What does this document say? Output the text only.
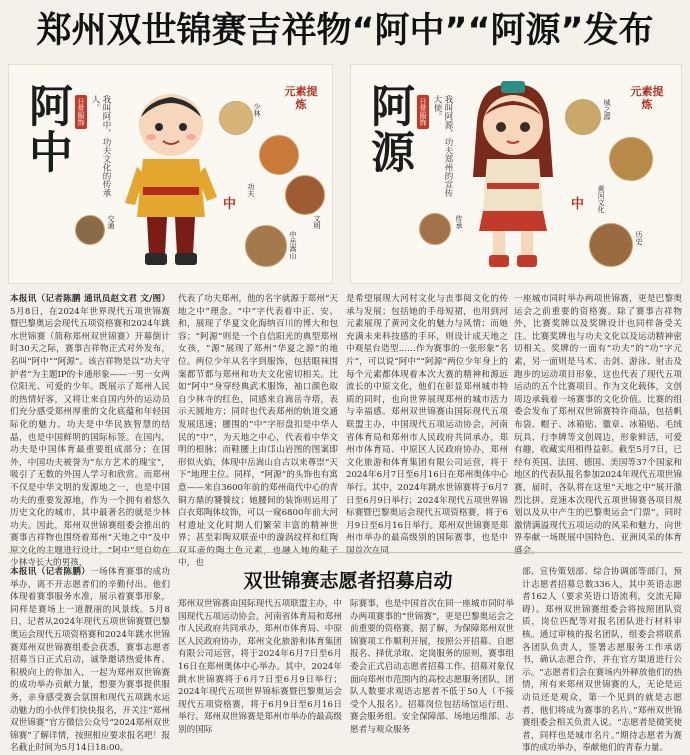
郑州双世锦赛吉祥物“阿中”“阿源”发布
阿中 日常服饰	我叫阿中，功夫文化的传承人。
元素提炼
少林
功夫
文明
交通
中岳嵩山
中
阿源 日常服饰	我叫阿源，功夫郑州的宣传大使。
元素提炼
城之源
黄河文化
传承
历史
中
本报讯（记者陈鹏 通讯员赵文君 文/图）5月8日，在2024年世界现代五项世锦赛暨巴黎奥运会现代五项资格赛和2024年跳水世锦赛（简称郑州双世锦赛）开幕倒计时30天之际，赛事吉祥物正式对外发布，名叫“阿中”“阿源”。该吉祥物是以“功夫守护者”为主题IP的卡通形象——一男一女两位阳光、可爱的少年。既展示了郑州人民的热情好客，又将让来自国内外的运动员们充分感受郑州厚重的文化底蕴和年轻国际化的魅力。功夫是中华民族智慧的结晶，也是中国鲜明的国际标签。在国内，功夫是中国体育最重要组成部分；在国外，中国功夫被誉为“东方艺术的瑰宝”，吸引了无数的外国人学习和欣赏。而郑州不仅是中华文明的发源地之一，也是中国功夫的重要发源地，作为一个拥有着悠久历史文化的城市，其中最著名的就是少林功夫。因此，郑州双世锦赛组委会推出的赛事吉祥物也围绕着郑州“天地之中”及中原文化的主题进行设计。“阿中”是自幼在少林寺长大的男孩，
代表了功夫郑州，他的名字就源于郑州“天地之中”理念。“中”字代表着中正、安、和，展现了华夏文化海纳百川的博大和包容；“阿源”则是一个自信阳光的典型郑州女孩，“源”展现了郑州“华夏之源”的地位。两位少年从名字到服饰，包括眼袜围案都节都与郑州和功夫文化密切相关。比如“阿中”身穿经典武术服饰，袖口颜色取自少林寺的红色，同感来自嵩岳寺塔，表示天圆地方；同时也代表郑州的轨道交通发展迅速；腰围的“中”字形盘扣是中华人民的“中”，为天地之中心，代表着中华文明的根脉；而鞋腰上由邙山岩图的图案即形似火焰，体现中岳嵩山自古以来尊崇“天下”地理主位。同样，“阿源”的头饰也有寓意——来自3600年前的郑州商代中心的青铜方鼎的饕餮纹；她腰间的装饰则运用了白衣郑陶体纹饰，可以一窥6800年前大河村遗址文化时期人们繁荣丰富的精神世界；甚至彩陶双联壶中的漩涡纹样和红陶双耳壶的陶土色元素，也融入她的鞋子中，也
是希望展现大河村文化与丧事阅文化的传承与发展；包括她的手母短裙，也用到河元素展现了黄河文化的魅力与风情；而她充满未来科技感的手环，则设计成天地之中观星台造型……作为赛事的一张形象“名片”，可以说“阿中”“阿源”两位少年身上的每个元素都体现着本次大赛的精神和源远流长的中原文化，他们在彰显郑州城市特质的同时，也向世界展现郑州的城市活力与幸福感。郑州双世锦赛由国际现代五项联盟主办，中国现代五项运动协会，河南省体育局和郑州市人民政府共同承办，郑州市体育局、中原区人民政府协办，郑州文化旅游和体育集团有限公司运营，将于2024年6月7日至6月16日在郑州奥体中心举行。其中，2024年跳水世锦赛将于6月7日至6月9日举行；2024年现代五项世界锦标赛暨巴黎奥运会现代五项资格赛，将于6月9日至6月16日举行。郑州双世锦赛是郑州市举办的最高级别的国际赛事，也是中国首次在同
一座城市同时举办两项世锦赛，更是巴黎奥运会之前重要的资格赛。除了赛事吉祥物外，比赛奖牌以及奖牌设计也同样备受关注。比赛奖牌也与功夫文化以及运动精神密切相关。奖牌的一面有“功夫”的“功”字元素，另一面则是马术、击剑、游泳、射击及跑步的运动项目形象，这也代表了现代五项运动的五个比赛项目。作为文化载体，文创周边承载着一场赛事的文化价值。比赛的组委会发布了郑州双世锦赛特许商品，包括帆布袋、帽子、冰箱贴、徽章、冰箱贴、毛绒玩具、行李牌等文创周边，形象鲜活，可爱有趣，收藏实用相得益彰。截至5月7日，已经有英国、法国、德国、美国等37个国家和地区的代表队报名参加2024年现代五项世锦赛，届时，各队将在这里“天地之中”展开激烈比拼。竞速本次现代五项世锦赛各项目规划以及从中产生的巴黎奥运会“门票”，同时激情满溢现代五项运动的风采和魅力，向世界奉献一场既展中国特色、亚洲风采的体育盛会。
双世锦赛志愿者招募启动
本报讯（记者陈鹏）一场体育赛事的成功举办，离不开志愿者们的辛勤付出。他们体现着赛事服务水准，展示着赛事形象，同样是赛场上一道靓丽的风景线。5月8日，记者从2024年现代五项世锦赛暨巴黎奥运会现代五项资格赛和2024年跳水世锦赛郑州双世锦赛组委会获悉，赛事志愿者招募当日正式启动，诚挚邀请热爱体育、积极向上的你加入，一起为郑州双世锦赛的成功举办贡献力量，想要为赛事提供服务，亲身感受赛会氛围和现代五项跳水运动魅力的小伙伴们快快报名，开关注“郑州双世锦赛”官方微信公众号“2024郑州双世锦赛”了解详情，按照相应要求报名吧！报名截止时间为5月14日18:00。
郑州双世锦赛由国际现代五项联盟主办，中国现代五项运动协会，河南省体育局和郑州市人民政府共同承办，郑州市体育局、中原区人民政府协办，郑州文化旅游和体育集团有限公司运营，将于2024年6月7日至6月16日在郑州奥体中心举办。其中，2024年跳水世锦赛将于6月7日至6月9日举行；2024年现代五项世界锦标赛暨巴黎奥运会现代五项资格赛，将于6月9日至6月16日举行。郑州双世锦赛是郑州市举办的最高级别的国际
际赛事，也是中国首次在同一座城市同时举办两项赛事的“世锦赛”，更是巴黎奥运会之前重要的资格赛。据了解，为保障郑州双世锦赛项工作顺利开展，按照公开招募、自愿报名、择优录取、定岗服务的原则，赛事组委会正式启动志愿者招募工作。招募对象仅面向郑州市范围内的高校志愿服务团队，团队人数要求观语志愿者不低于50人（不接受个人报名）。招募岗位包括场馆运行组、赛会服务组、安全保障部、场地运维部、志愿者与观众服务
部、宣传策划部、综合协调部等部门，预计志愿者招募总数336人，其中英语志愿者162人（要求英语口语流利，交流无障碍）。郑州双世锦赛组委会将按照团队资质，岗位匹配等对报名团队进行材料审核。通过审核的报名团队，组委会将联系各团队负责人，签署志愿服务工作承诺书，确认志愿合作，并在官方渠道进行公示。“志愿者们会在赛场内外释放他们的热情，所有来郑州双世锦赛的人，无论是运动员还是观众，第一个见到的就是志愿者，他们将成为赛事的名片。”郑州双世锦赛组委会相关负责人说。“志愿者是微笑使者，同样也是城市名片。”期待志愿者为赛事的成功举办，奉献他们的青春力量。
